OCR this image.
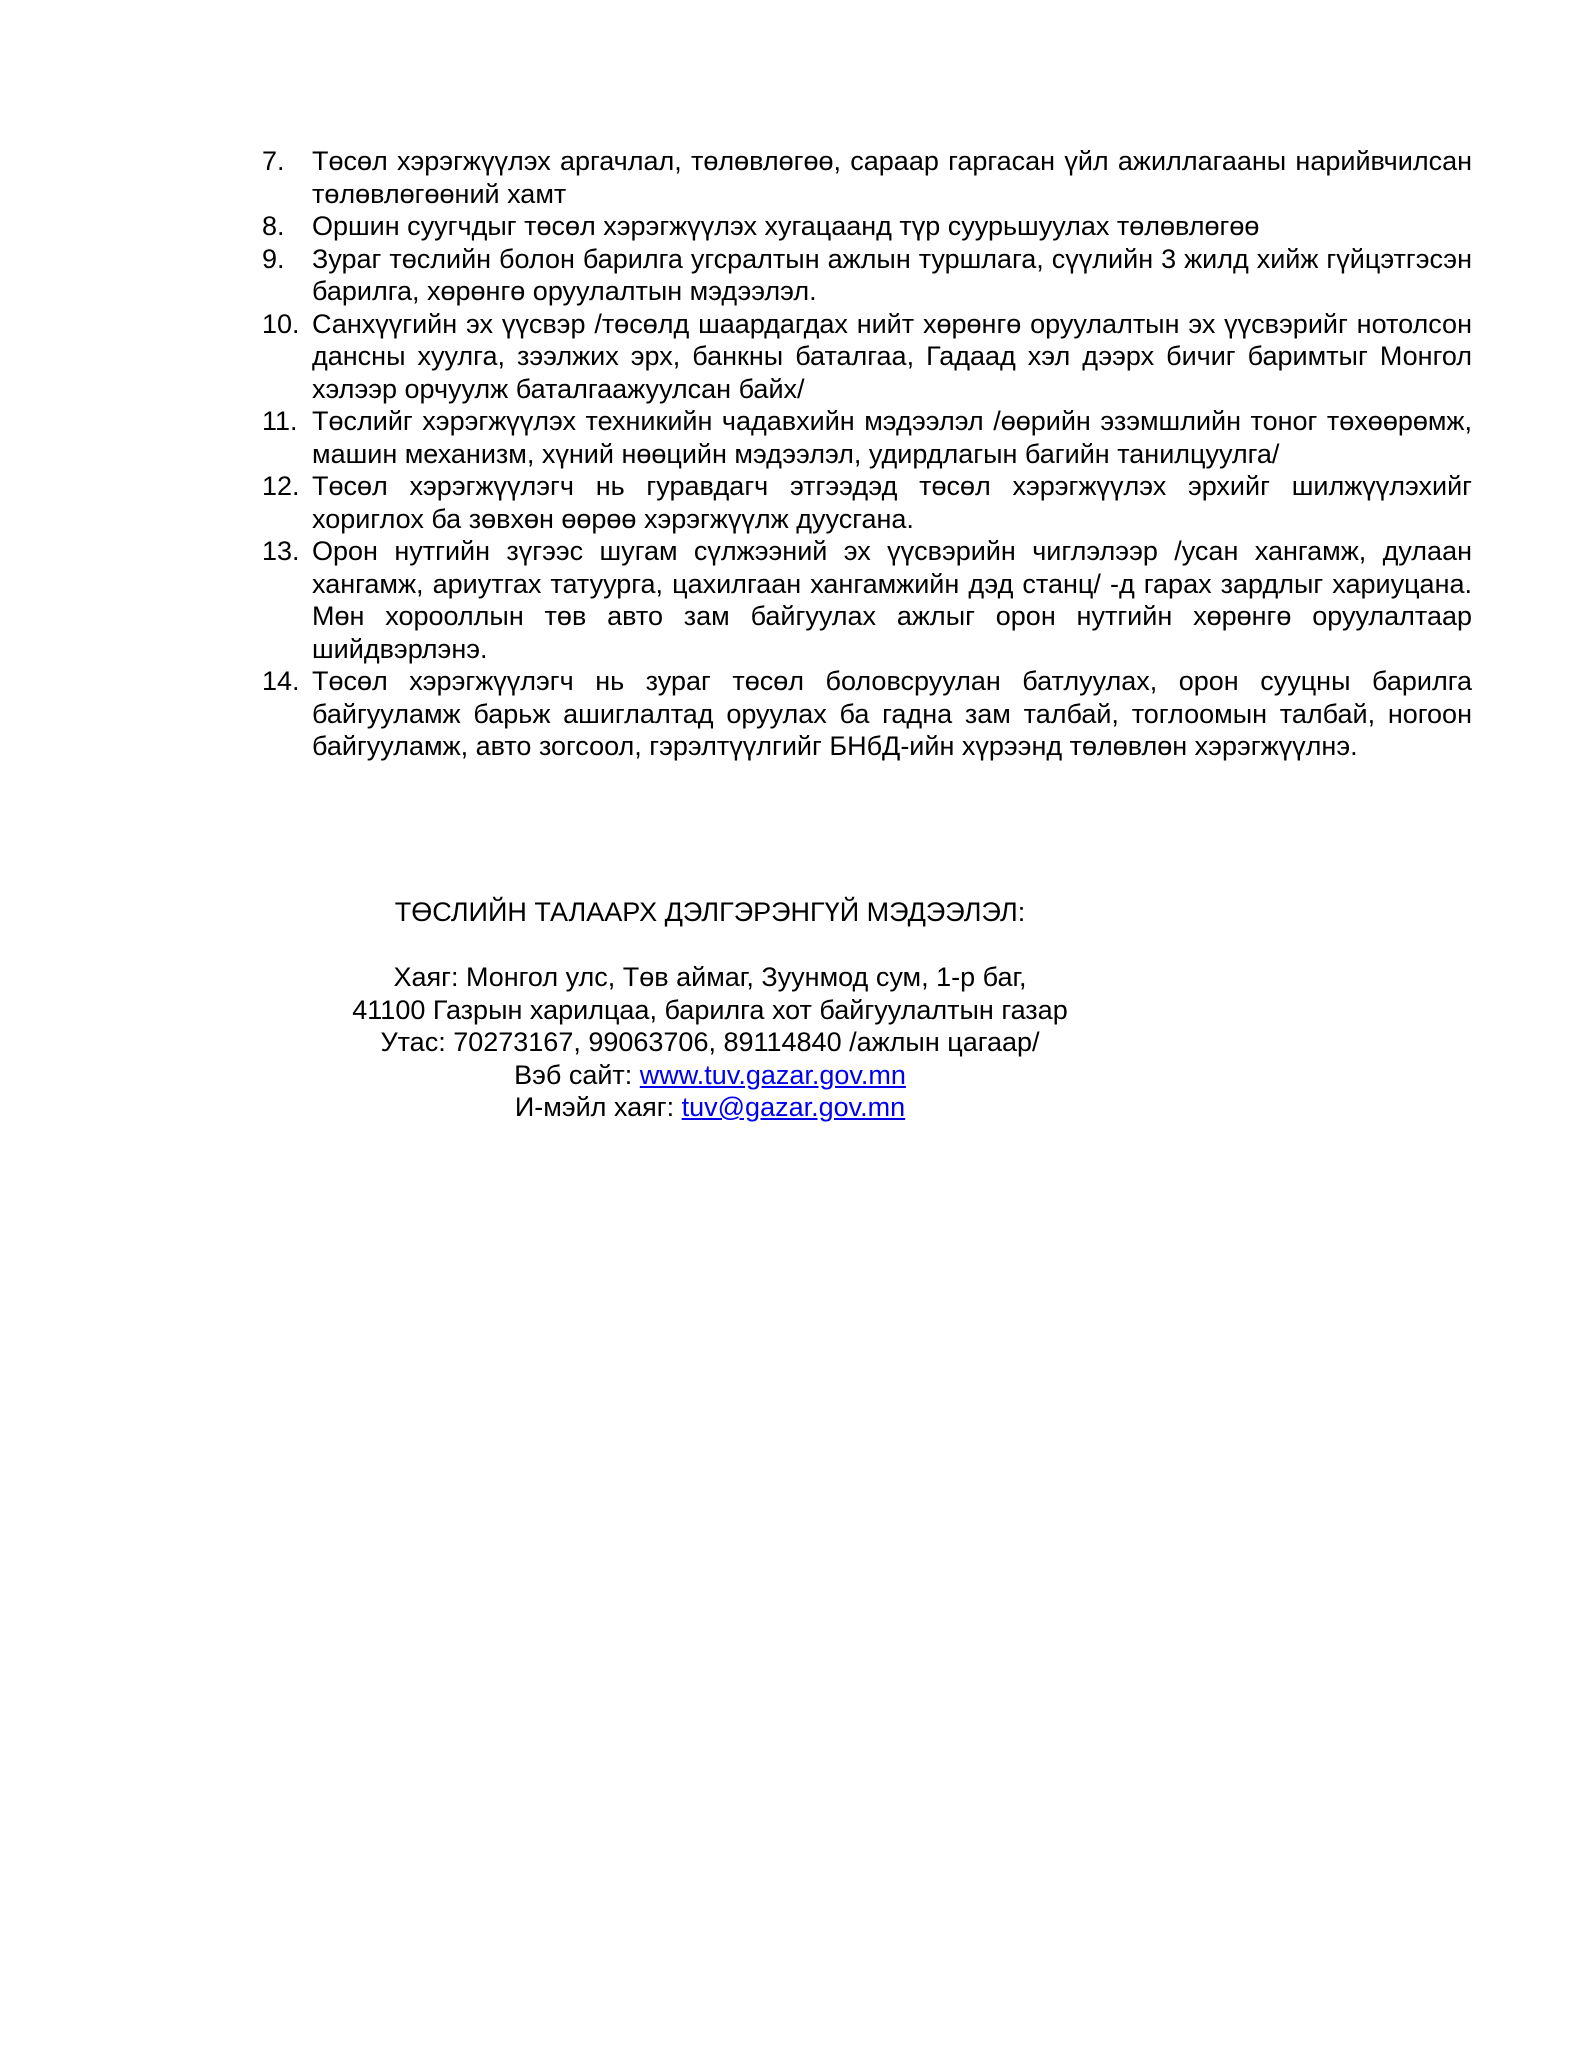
7.	Төсөл хэрэгжүүлэх аргачлал, төлөвлөгөө, сараар гаргасан үйл ажиллагааны нарийвчилсан төлөвлөгөөний хамт
8.	Оршин суугчдыг төсөл хэрэгжүүлэх хугацаанд түр суурьшуулах төлөвлөгөө
9.	Зураг төслийн болон барилга угсралтын ажлын туршлага, сүүлийн 3 жилд хийж гүйцэтгэсэн барилга, хөрөнгө оруулалтын мэдээлэл.
10. Санхүүгийн эх үүсвэр /төсөлд шаардагдах нийт хөрөнгө оруулалтын эх үүсвэрийг нотолсон дансны хуулга, зээлжих эрх, банкны баталгаа, Гадаад хэл дээрх бичиг баримтыг Монгол хэлээр орчуулж баталгаажуулсан байх/
11. Төслийг хэрэгжүүлэх техникийн чадавхийн мэдээлэл /өөрийн эзэмшлийн тоног төхөөрөмж, машин механизм, хүний нөөцийн мэдээлэл, удирдлагын багийн танилцуулга/
12. Төсөл хэрэгжүүлэгч нь гуравдагч этгээдэд төсөл хэрэгжүүлэх эрхийг шилжүүлэхийг хориглох ба зөвхөн өөрөө хэрэгжүүлж дуусгана.
13. Орон нутгийн зүгээс шугам сүлжээний эх үүсвэрийн чиглэлээр /усан хангамж, дулаан хангамж, ариутгах татуурга, цахилгаан хангамжийн дэд станц/ -д гарах зардлыг хариуцана. Мөн хорооллын төв авто зам байгуулах ажлыг орон нутгийн хөрөнгө оруулалтаар шийдвэрлэнэ.
14. Төсөл хэрэгжүүлэгч нь зураг төсөл боловсруулан батлуулах, орон сууцны барилга байгууламж барьж ашиглалтад оруулах ба гадна зам талбай, тоглоомын талбай, ногоон байгууламж, авто зогсоол, гэрэлтүүлгийг БНбД-ийн хүрээнд төлөвлөн хэрэгжүүлнэ.
ТӨСЛИЙН ТАЛААРХ ДЭЛГЭРЭНГҮЙ МЭДЭЭЛЭЛ:
Хаяг: Монгол улс, Төв аймаг, Зуунмод сум, 1-р баг,
41100 Газрын харилцаа, барилга хот байгуулалтын газар
Утас: 70273167, 99063706, 89114840 /ажлын цагаар/
Вэб сайт: www.tuv.gazar.gov.mn
И-мэйл хаяг: tuv@gazar.gov.mn
